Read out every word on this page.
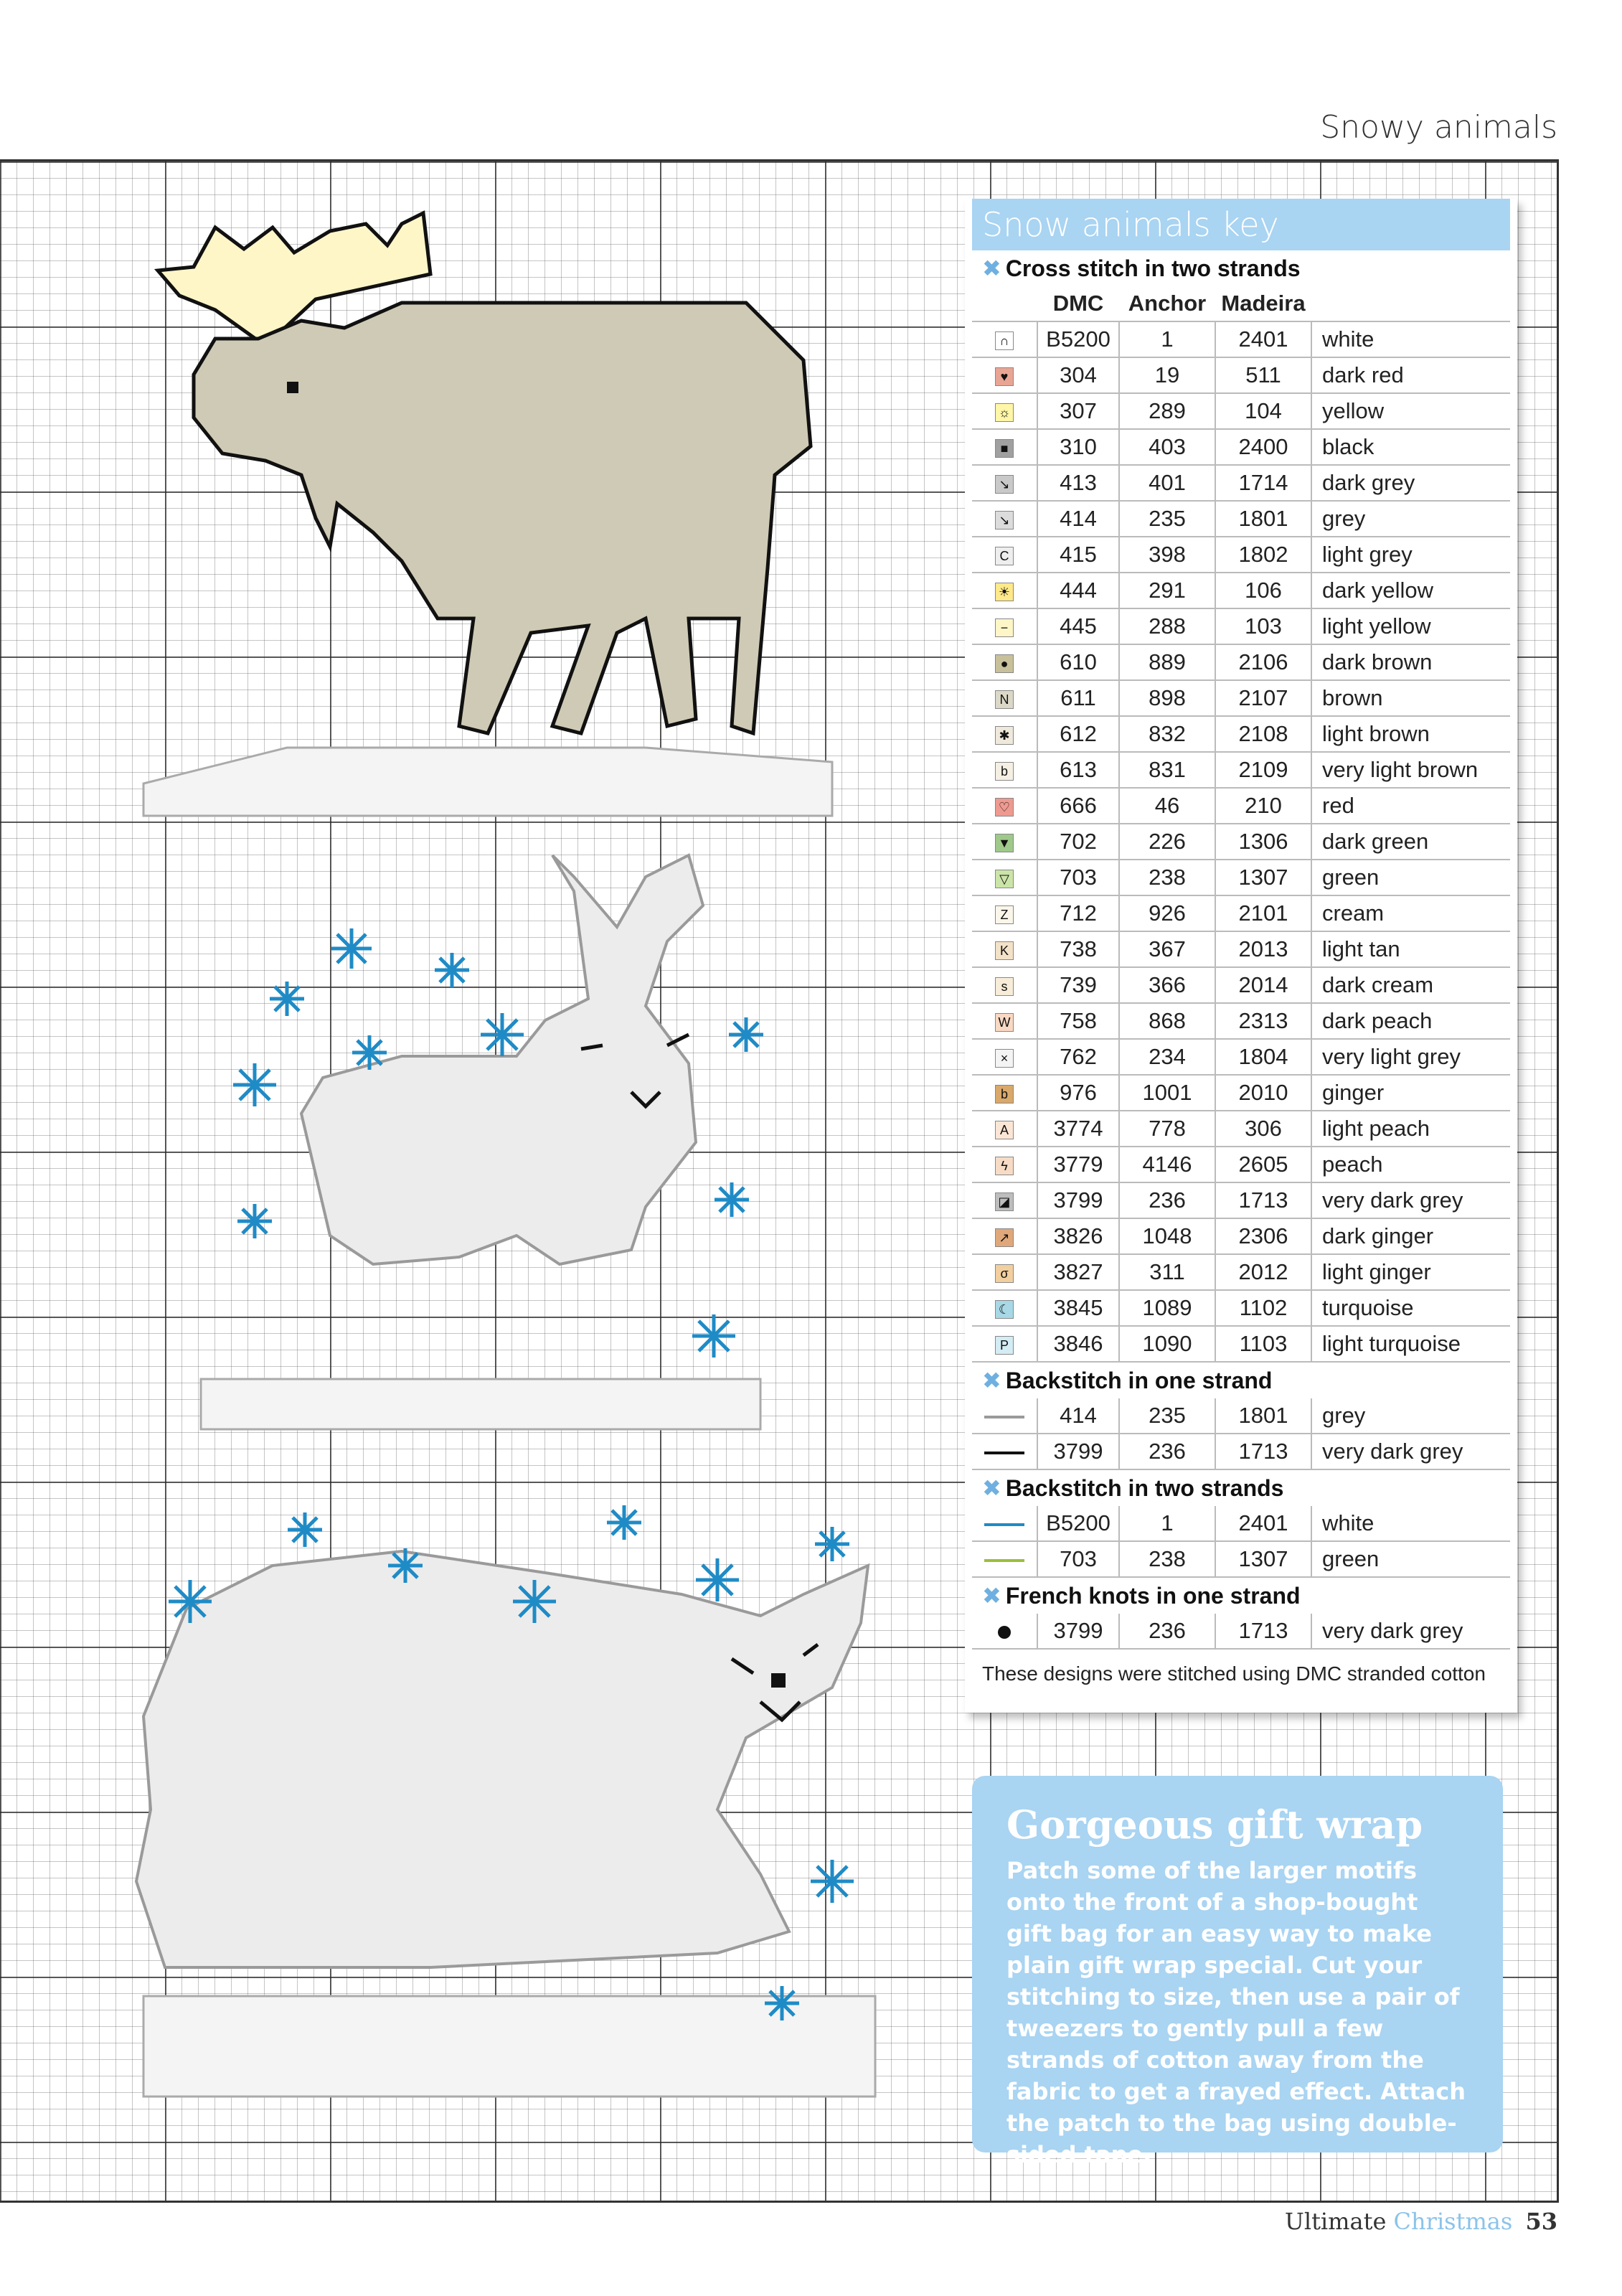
Snowy animals
Snow animals key
✖ Cross stitch in two strands
	DMC	Anchor	Madeira	
∩	B5200	1	2401	white
♥	304	19	511	dark red
☼	307	289	104	yellow
■	310	403	2400	black
↘	413	401	1714	dark grey
↘	414	235	1801	grey
C	415	398	1802	light grey
☀	444	291	106	dark yellow
−	445	288	103	light yellow
●	610	889	2106	dark brown
N	611	898	2107	brown
✱	612	832	2108	light brown
b	613	831	2109	very light brown
♡	666	46	210	red
▼	702	226	1306	dark green
▽	703	238	1307	green
Z	712	926	2101	cream
K	738	367	2013	light tan
s	739	366	2014	dark cream
W	758	868	2313	dark peach
×	762	234	1804	very light grey
b	976	1001	2010	ginger
A	3774	778	306	light peach
ϟ	3779	4146	2605	peach
◪	3799	236	1713	very dark grey
↗	3826	1048	2306	dark ginger
σ	3827	311	2012	light ginger
☾	3845	1089	1102	turquoise
P	3846	1090	1103	light turquoise
✖ Backstitch in one strand
	414	235	1801	grey
	3799	236	1713	very dark grey
✖ Backstitch in two strands
	B5200	1	2401	white
	703	238	1307	green
✖ French knots in one strand
	3799	236	1713	very dark grey
These designs were stitched using DMC stranded cotton
Gorgeous gift wrap
Patch some of the larger motifs onto the front of a shop-bought gift bag for an easy way to make plain gift wrap special. Cut your stitching to size, then use a pair of tweezers to gently pull a few strands of cotton away from the fabric to get a frayed effect. Attach the patch to the bag using double-sided tape.
Ultimate Christmas 53
